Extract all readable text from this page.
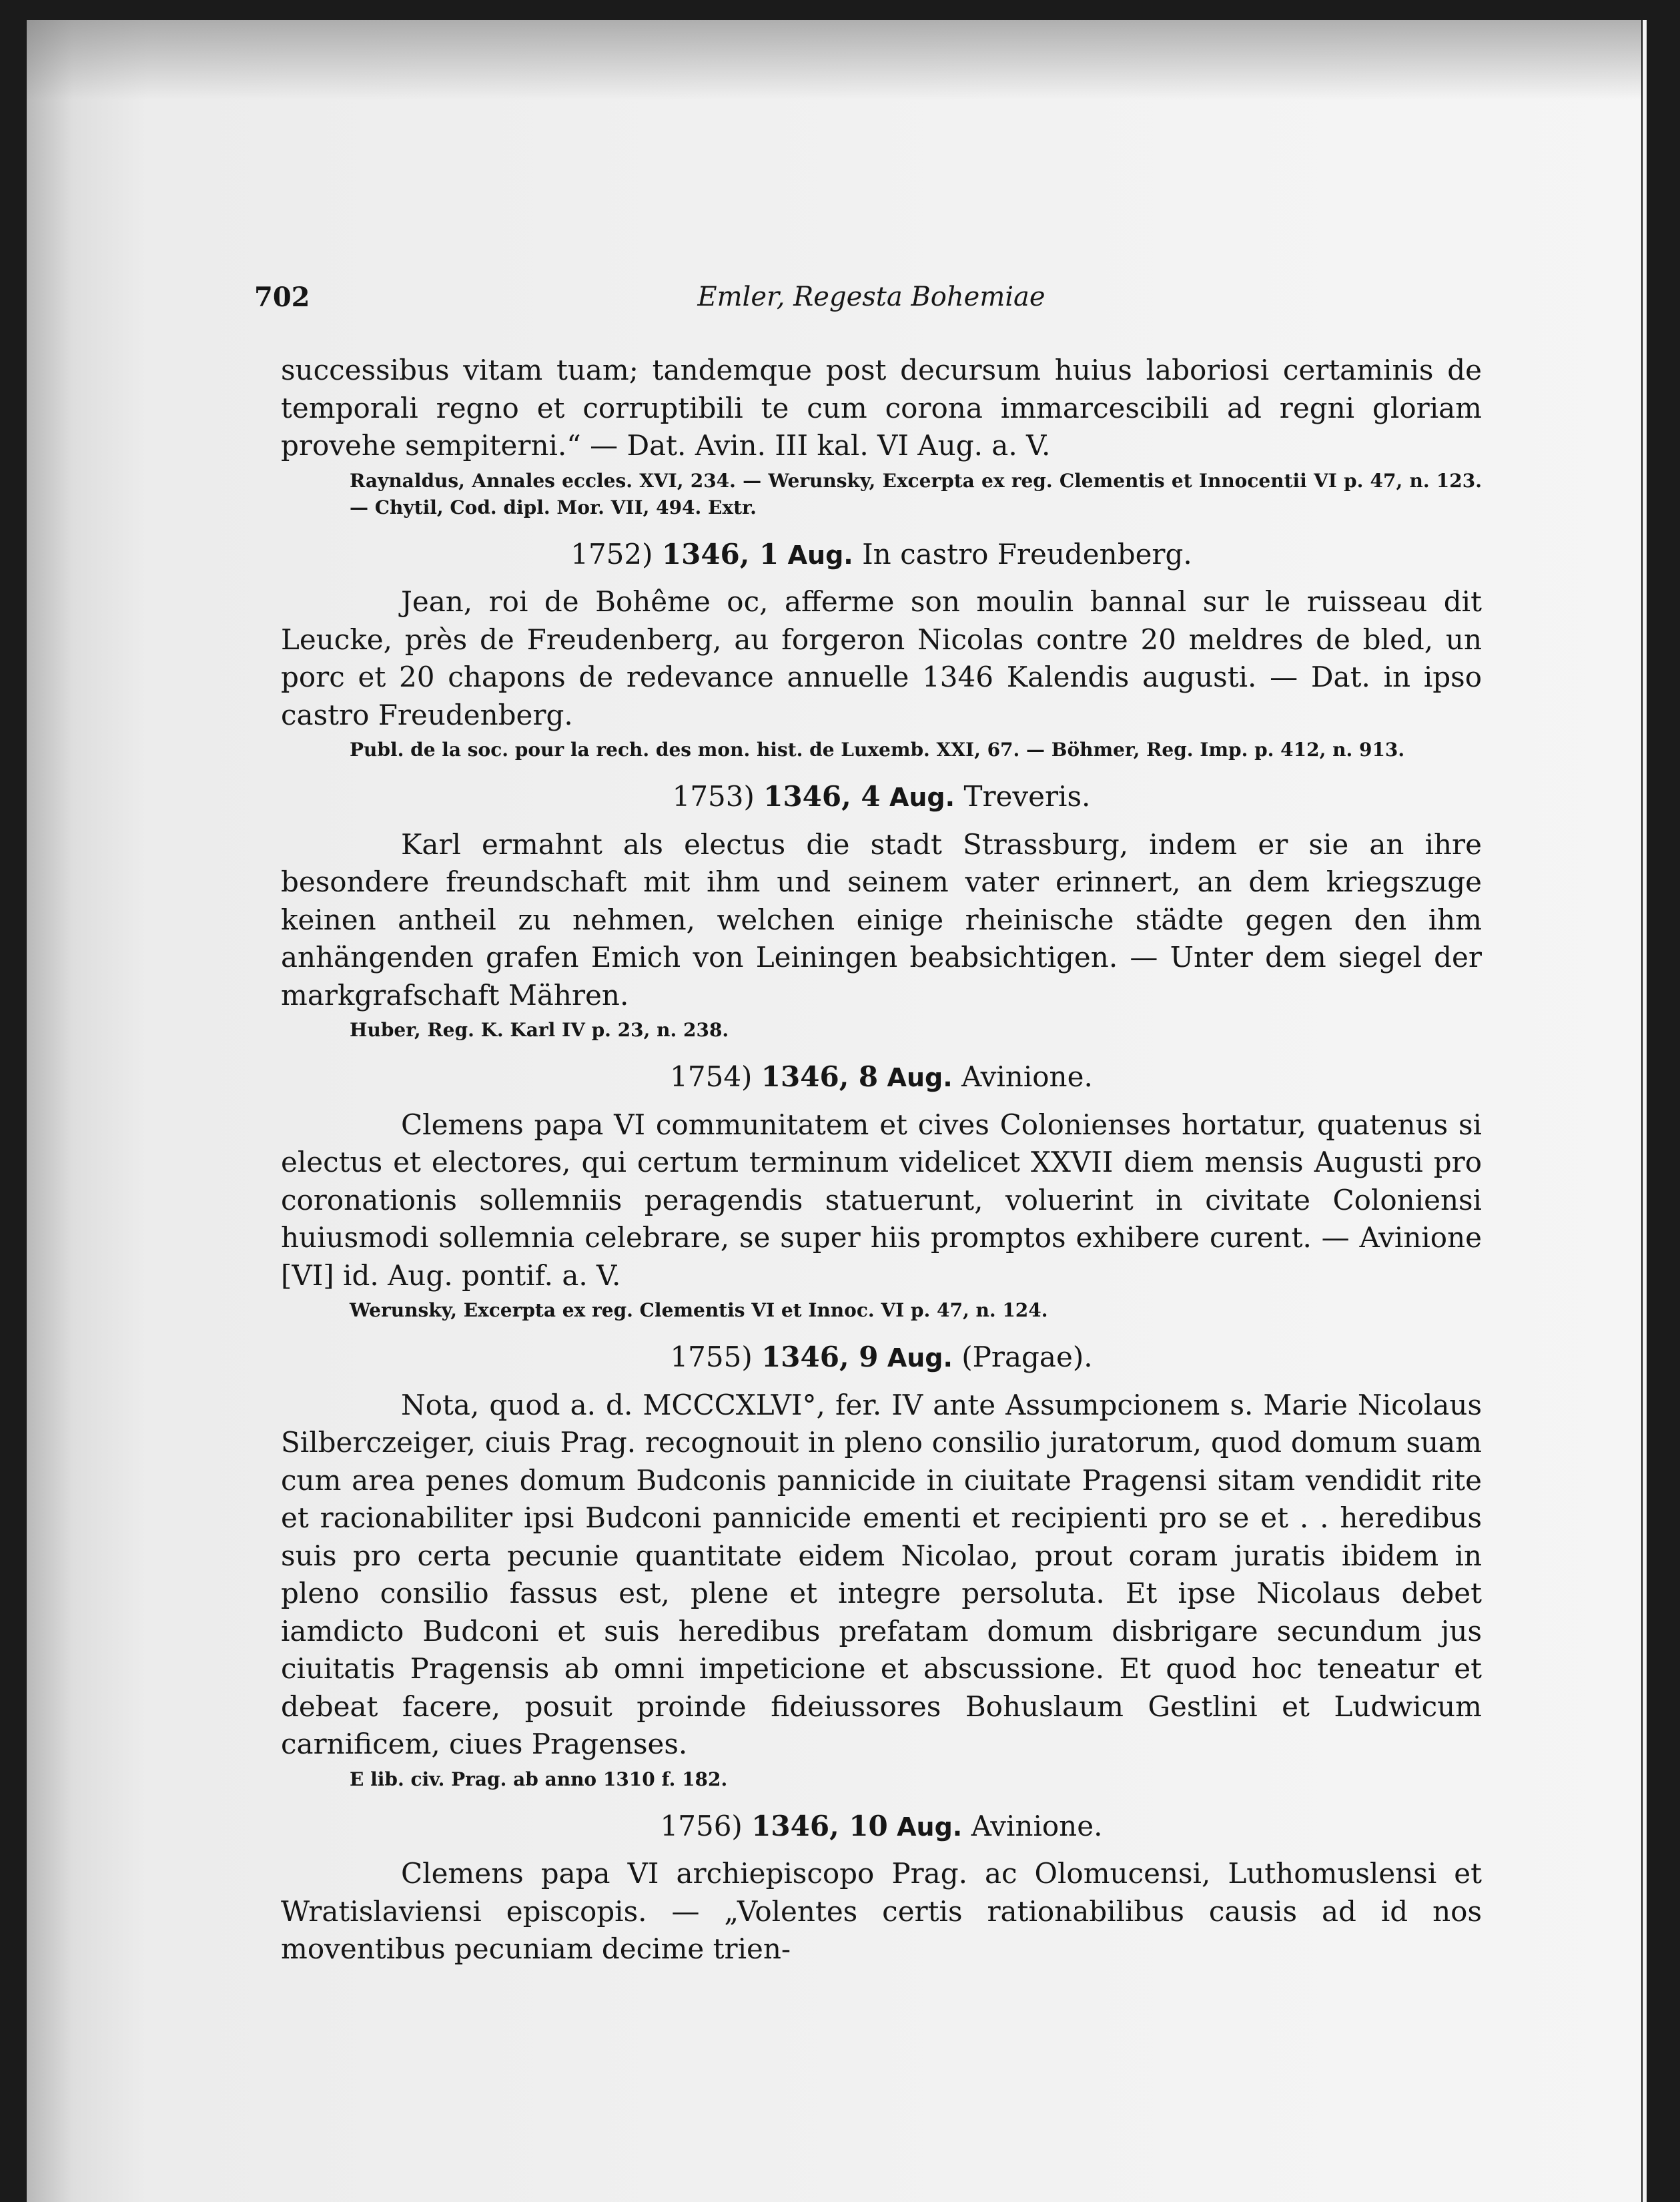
702	Emler, Regesta Bohemiae

successibus vitam tuam; tandemque post decursum huius laboriosi certaminis de temporali regno et corruptibili te cum corona immarcescibili ad regni gloriam provehe sempiterni.“ — Dat. Avin. III kal. VI Aug. a. V.

Raynaldus, Annales eccles. XVI, 234. — Werunsky, Excerpta ex reg. Clementis et Innocentii VI p. 47, n. 123. — Chytil, Cod. dipl. Mor. VII, 494. Extr.

1752) 1346, 1 Aug. In castro Freudenberg.

Jean, roi de Bohême oc, afferme son moulin bannal sur le ruisseau dit Leucke, près de Freudenberg, au forgeron Nicolas contre 20 meldres de bled, un porc et 20 chapons de redevance annuelle 1346 Kalendis augusti. — Dat. in ipso castro Freudenberg.

Publ. de la soc. pour la rech. des mon. hist. de Luxemb. XXI, 67. — Böhmer, Reg. Imp. p. 412, n. 913.

1753) 1346, 4 Aug. Treveris.

Karl ermahnt als electus die stadt Strassburg, indem er sie an ihre besondere freundschaft mit ihm und seinem vater erinnert, an dem kriegszuge keinen antheil zu nehmen, welchen einige rheinische städte gegen den ihm anhängenden grafen Emich von Leiningen beabsichtigen. — Unter dem siegel der markgrafschaft Mähren.

Huber, Reg. K. Karl IV p. 23, n. 238.

1754) 1346, 8 Aug. Avinione.

Clemens papa VI communitatem et cives Colonienses hortatur, quatenus si electus et electores, qui certum terminum videlicet XXVII diem mensis Augusti pro coronationis sollemniis peragendis statuerunt, voluerint in civitate Coloniensi huiusmodi sollemnia celebrare, se super hiis promptos exhibere curent. — Avinione [VI] id. Aug. pontif. a. V.

Werunsky, Excerpta ex reg. Clementis VI et Innoc. VI p. 47, n. 124.

1755) 1346, 9 Aug. (Pragae).

Nota, quod a. d. MCCCXLVI°, fer. IV ante Assumpcionem s. Marie Nicolaus Silberczeiger, ciuis Prag. recognouit in pleno consilio juratorum, quod domum suam cum area penes domum Budconis pannicide in ciuitate Pragensi sitam vendidit rite et racionabiliter ipsi Budconi pannicide ementi et recipienti pro se et . . heredibus suis pro certa pecunie quantitate eidem Nicolao, prout coram juratis ibidem in pleno consilio fassus est, plene et integre persoluta. Et ipse Nicolaus debet iamdicto Budconi et suis heredibus prefatam domum disbrigare secundum jus ciuitatis Pragensis ab omni impeticione et abscussione. Et quod hoc teneatur et debeat facere, posuit proinde fideiussores Bohuslaum Gestlini et Ludwicum carnificem, ciues Pragenses.

E lib. civ. Prag. ab anno 1310 f. 182.

1756) 1346, 10 Aug. Avinione.

Clemens papa VI archiepiscopo Prag. ac Olomucensi, Luthomuslensi et Wratislaviensi episcopis. — „Volentes certis rationabilibus causis ad id nos moventibus pecuniam decime trien-
